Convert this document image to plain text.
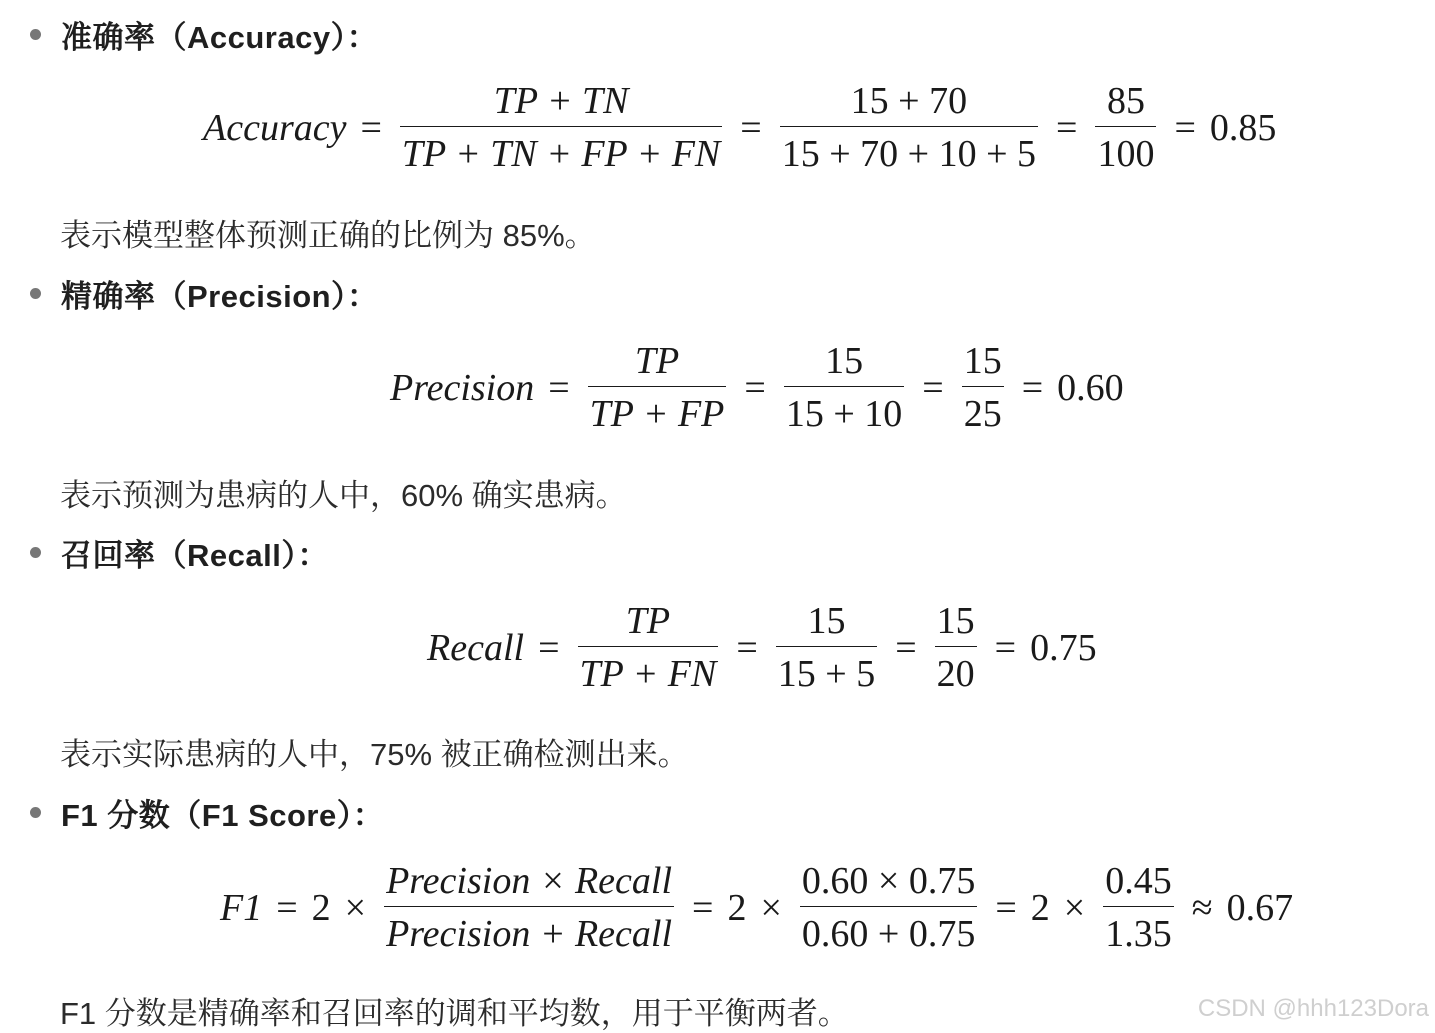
准确率（Accuracy）：
Accuracy = $\frac{TP + TN}{TP + TN + FP + FN} = \frac{15 + 70}{15 + 70 + 10 + 5} = \frac{85}{100} = 0.85$
表示模型整体预测正确的比例为 85%。
精确率（Precision）：
Precision = $\frac{TP}{TP + FP} = \frac{15}{15 + 10} = \frac{15}{25} = 0.60$
表示预测为患病的人中，60% 确实患病。
召回率（Recall）：
Recall = $\frac{TP}{TP + FN} = \frac{15}{15 + 5} = \frac{15}{20} = 0.75$
表示实际患病的人中，75% 被正确检测出来。
F1 分数（F1 Score）：
$F1 = 2 \times \frac{\text{Precision × Recall}}{\text{Precision + Recall}} = 2 \times \frac{0.60 \times 0.75}{0.60 + 0.75} = 2 \times \frac{0.45}{1.35} \approx 0.67$
F1 分数是精确率和召回率的调和平均数，用于平衡两者。	CSDN @hhh123Dora
